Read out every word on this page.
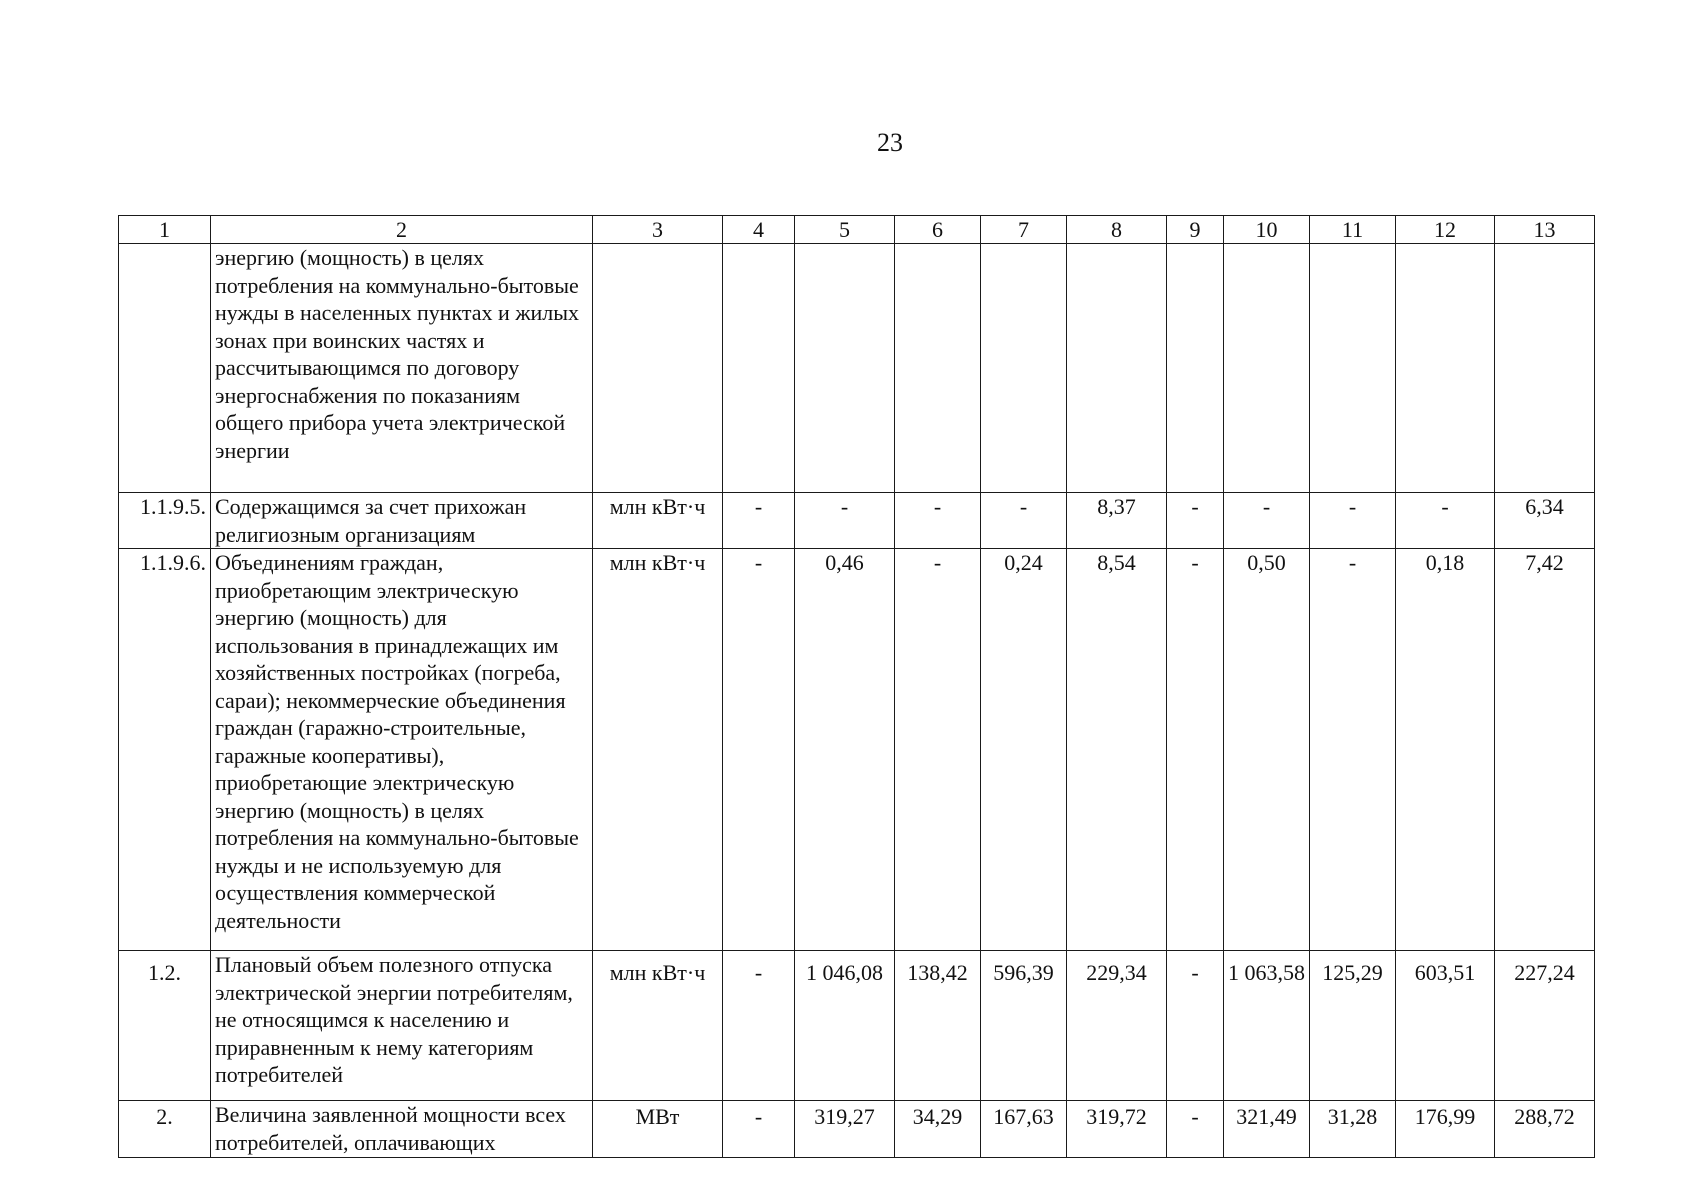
23
1	2	3	4	5	6	7	8	9	10	11	12	13
	энергию (мощность) в целях потребления на коммунально-бытовые нужды в населенных пунктах и жилых зонах при воинских частях и рассчитывающимся по договору энергоснабжения по показаниям общего прибора учета электрической энергии											
1.1.9.5.	Содержащимся за счет прихожан религиозным организациям	млн кВт·ч	-	-	-	-	8,37	-	-	-	-	6,34
1.1.9.6.	Объединениям граждан, приобретающим электрическую энергию (мощность) для использования в принадлежащих им хозяйственных постройках (погреба, сараи); некоммерческие объединения граждан (гаражно-строительные, гаражные кооперативы), приобретающие электрическую энергию (мощность) в целях потребления на коммунально-бытовые нужды и не используемую для осуществления коммерческой деятельности	млн кВт·ч	-	0,46	-	0,24	8,54	-	0,50	-	0,18	7,42
1.2.	Плановый объем полезного отпуска электрической энергии потребителям, не относящимся к населению и приравненным к нему категориям потребителей	млн кВт·ч	-	1 046,08	138,42	596,39	229,34	-	1 063,58	125,29	603,51	227,24
2.	Величина заявленной мощности всех потребителей, оплачивающих	МВт	-	319,27	34,29	167,63	319,72	-	321,49	31,28	176,99	288,72
